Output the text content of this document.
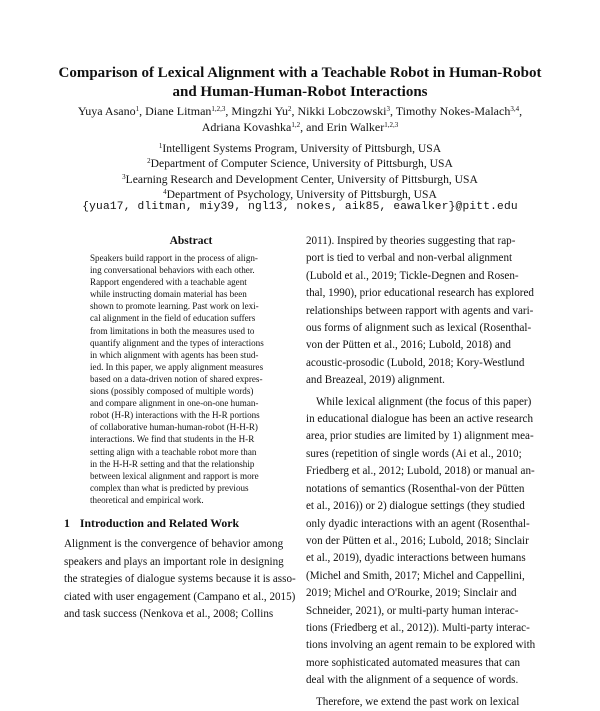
Comparison of Lexical Alignment with a Teachable Robot in Human-Robot
and Human-Human-Robot Interactions
Yuya Asano$^1$, Diane Litman$^{1,2,3}$, Mingzhi Yu$^2$, Nikki Lobczowski$^3$, Timothy Nokes-Malach$^{3,4}$,
Adriana Kovashka$^{1,2}$, and Erin Walker$^{1,2,3}$
$^1$Intelligent Systems Program, University of Pittsburgh, USA
$^2$Department of Computer Science, University of Pittsburgh, USA
$^3$Learning Research and Development Center, University of Pittsburgh, USA
$^4$Department of Psychology, University of Pittsburgh, USA
{yua17, dlitman, miy39, ngl13, nokes, aik85, eawalker}@pitt.edu
Abstract
Speakers build rapport in the process of align-
ing conversational behaviors with each other.
Rapport engendered with a teachable agent
while instructing domain material has been
shown to promote learning. Past work on lexi-
cal alignment in the field of education suffers
from limitations in both the measures used to
quantify alignment and the types of interactions
in which alignment with agents has been stud-
ied. In this paper, we apply alignment measures
based on a data-driven notion of shared expres-
sions (possibly composed of multiple words)
and compare alignment in one-on-one human-
robot (H-R) interactions with the H-R portions
of collaborative human-human-robot (H-H-R)
interactions. We find that students in the H-R
setting align with a teachable robot more than
in the H-H-R setting and that the relationship
between lexical alignment and rapport is more
complex than what is predicted by previous
theoretical and empirical work.
1 Introduction and Related Work
Alignment is the convergence of behavior among
speakers and plays an important role in designing
the strategies of dialogue systems because it is asso-
ciated with user engagement (Campano et al., 2015)
and task success (Nenkova et al., 2008; Collins
2011). Inspired by theories suggesting that rap-
port is tied to verbal and non-verbal alignment
(Lubold et al., 2019; Tickle-Degnen and Rosen-
thal, 1990), prior educational research has explored
relationships between rapport with agents and vari-
ous forms of alignment such as lexical (Rosenthal-
von der Pütten et al., 2016; Lubold, 2018) and
acoustic-prosodic (Lubold, 2018; Kory-Westlund
and Breazeal, 2019) alignment.
While lexical alignment (the focus of this paper)
in educational dialogue has been an active research
area, prior studies are limited by 1) alignment mea-
sures (repetition of single words (Ai et al., 2010;
Friedberg et al., 2012; Lubold, 2018) or manual an-
notations of semantics (Rosenthal-von der Pütten
et al., 2016)) or 2) dialogue settings (they studied
only dyadic interactions with an agent (Rosenthal-
von der Pütten et al., 2016; Lubold, 2018; Sinclair
et al., 2019), dyadic interactions between humans
(Michel and Smith, 2017; Michel and Cappellini,
2019; Michel and O'Rourke, 2019; Sinclair and
Schneider, 2021), or multi-party human interac-
tions (Friedberg et al., 2012)). Multi-party interac-
tions involving an agent remain to be explored with
more sophisticated automated measures that can
deal with the alignment of a sequence of words.
Therefore, we extend the past work on lexical
